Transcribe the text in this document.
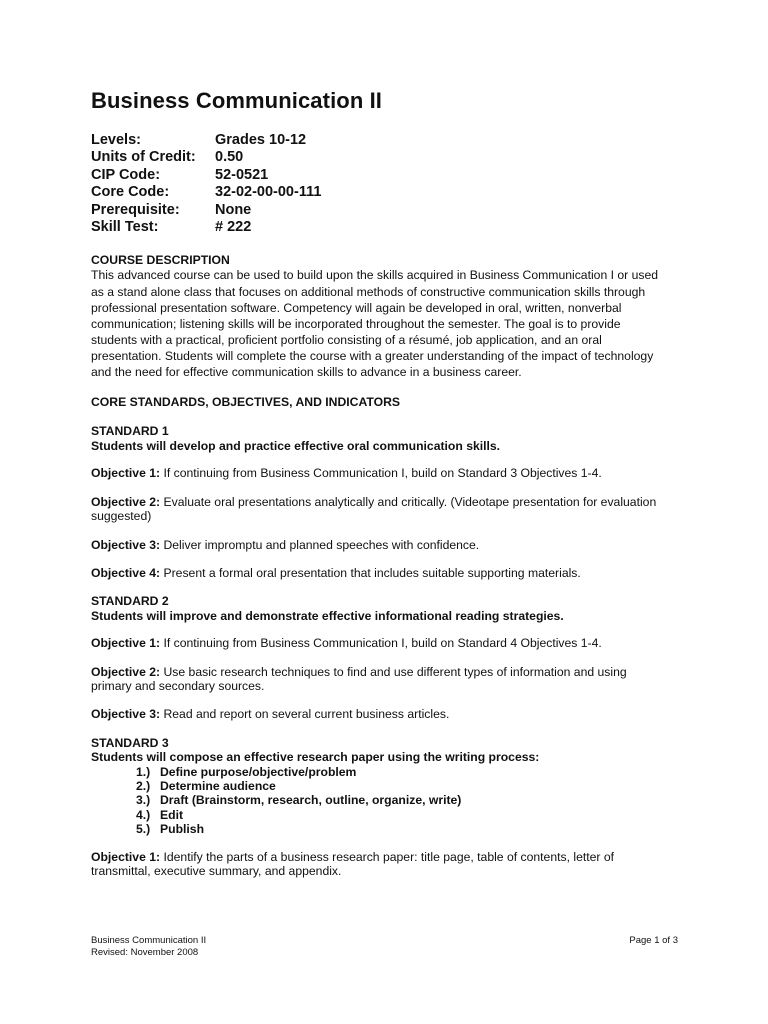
Business Communication II
Levels:	Grades 10-12
Units of Credit:	0.50
CIP Code:	52-0521
Core Code:	32-02-00-00-111
Prerequisite:	None
Skill Test:	# 222

COURSE DESCRIPTION

This advanced course can be used to build upon the skills acquired in Business Communication I or used
as a stand alone class that focuses on additional methods of constructive communication skills through
professional presentation software. Competency will again be developed in oral, written, nonverbal
communication; listening skills will be incorporated throughout the semester. The goal is to provide
students with a practical, proficient portfolio consisting of a résumé, job application, and an oral
presentation. Students will complete the course with a greater understanding of the impact of technology
and the need for effective communication skills to advance in a business career.

CORE STANDARDS, OBJECTIVES, AND INDICATORS

STANDARD 1
Students will develop and practice effective oral communication skills.

Objective 1: If continuing from Business Communication I, build on Standard 3 Objectives 1-4.

Objective 2: Evaluate oral presentations analytically and critically. (Videotape presentation for evaluation
suggested)

Objective 3: Deliver impromptu and planned speeches with confidence.

Objective 4: Present a formal oral presentation that includes suitable supporting materials.

STANDARD 2
Students will improve and demonstrate effective informational reading strategies.

Objective 1: If continuing from Business Communication I, build on Standard 4 Objectives 1-4.

Objective 2: Use basic research techniques to find and use different types of information and using
primary and secondary sources.

Objective 3: Read and report on several current business articles.

STANDARD 3
Students will compose an effective research paper using the writing process:
1.) Define purpose/objective/problem
2.) Determine audience
3.) Draft (Brainstorm, research, outline, organize, write)
4.) Edit
5.) Publish

Objective 1: Identify the parts of a business research paper: title page, table of contents, letter of
transmittal, executive summary, and appendix.

Business Communication II
Revised: November 2008
Page 1 of 3
